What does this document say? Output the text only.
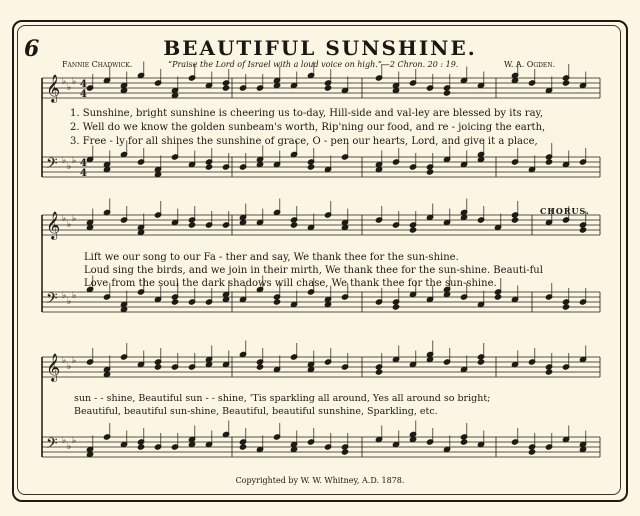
6	BEAUTIFUL SUNSHINE.
Fannie Chadwick.	“Praise the Lord of Israel with a loud voice on high.”—2 Chron. 20 : 19.	W. A. Ogden.
𝄞 ♭
♭
♭
𝄢 ♭
♭
♭
𝄞 ♭
♭
♭
𝄢 ♭
♭
♭
𝄞 ♭
♭
♭
𝄢 ♭
♭
♭
4
4
4
4
CHORUS.
1. Sunshine, bright sunshine is cheering us to-day, Hill-side and val-ley are blessed by its ray,
2. Well do we know the golden sunbeam's worth, Rip'ning our food, and re - joicing the earth,
3. Free - ly for all shines the sunshine of grace, O - pen our hearts, Lord, and give it a place,
Lift we our song to our Fa - ther and say, We thank thee for the sun-shine.
Loud sing the birds, and we join in their mirth, We thank thee for the sun-shine. Beauti-ful
Love from the soul the dark shadows will chase, We thank thee for the sun-shine.
sun - - shine, Beautiful sun - - shine, 'Tis sparkling all around, Yes all around so bright;
Beautiful, beautiful sun-shine, Beautiful, beautiful sunshine, Sparkling, etc.
Copyrighted by W. W. Whitney, A.D. 1878.
